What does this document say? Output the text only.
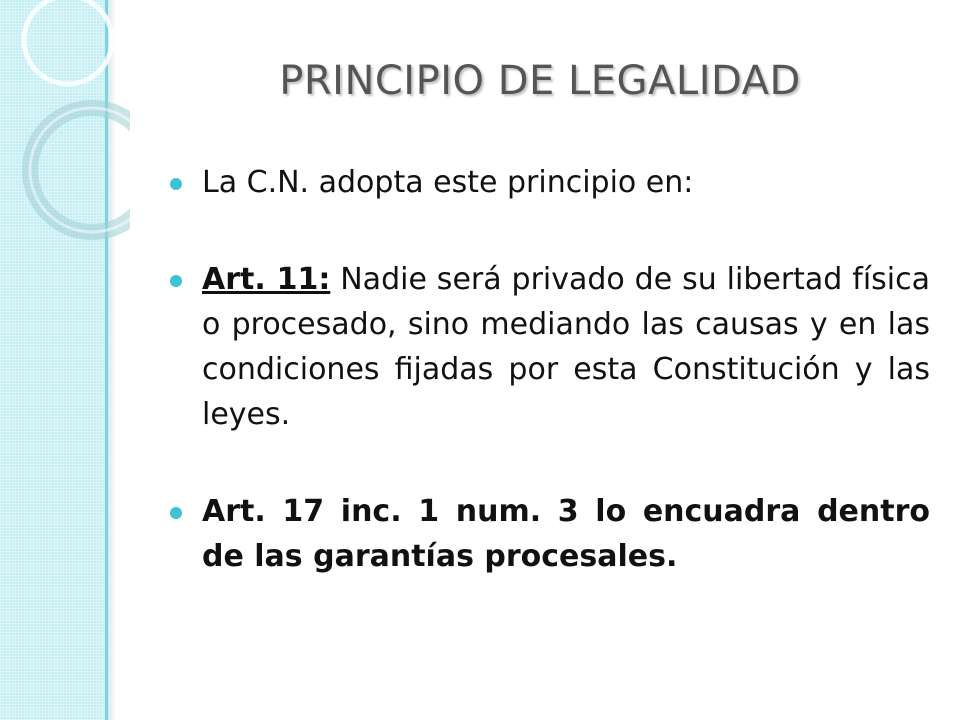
PRINCIPIO DE LEGALIDAD
La C.N. adopta este principio en:
Art. 11: Nadie será privado de su libertad física o procesado, sino mediando las causas y en las condiciones fijadas por esta Constitución y las leyes.
Art. 17 inc. 1 num. 3 lo encuadra dentro de las garantías procesales.
